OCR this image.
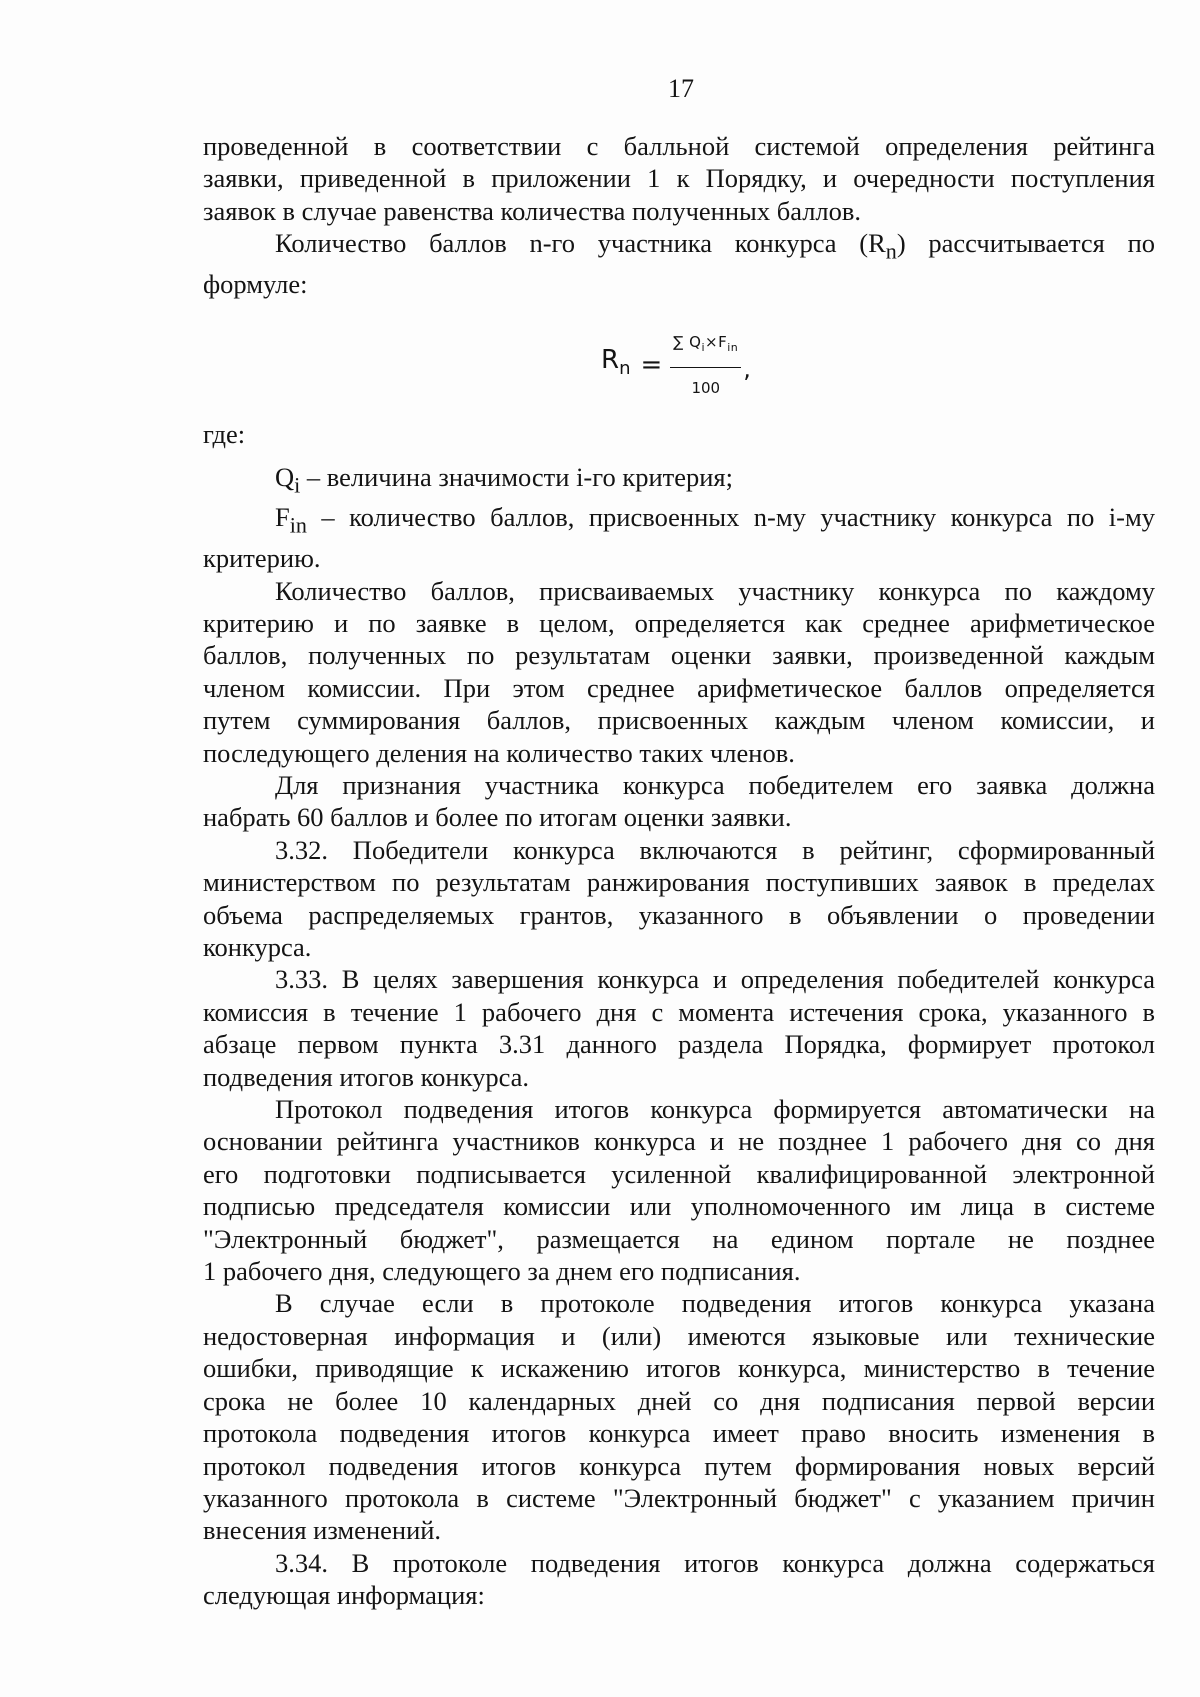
17

проведенной в соответствии с балльной системой определения рейтинга

заявки, приведенной в приложении 1 к Порядку, и очередности поступления

заявок в случае равенства количества полученных баллов.

Количество баллов n-го участника конкурса $(R_n)$ рассчитывается по

формуле:

$R_n = \frac{\sum Q_i\times F_{in}}{100}$ ,

где:

$Q_i$ – величина значимости i-го критерия;

$F_{in}$ – количество баллов, присвоенных n-му участнику конкурса по i-му

критерию.

Количество баллов, присваиваемых участнику конкурса по каждому

критерию и по заявке в целом, определяется как среднее арифметическое

баллов, полученных по результатам оценки заявки, произведенной каждым

членом комиссии. При этом среднее арифметическое баллов определяется

путем суммирования баллов, присвоенных каждым членом комиссии, и

последующего деления на количество таких членов.

Для признания участника конкурса победителем его заявка должна

набрать 60 баллов и более по итогам оценки заявки.

3.32. Победители конкурса включаются в рейтинг, сформированный

министерством по результатам ранжирования поступивших заявок в пределах

объема распределяемых грантов, указанного в объявлении о проведении

конкурса.

3.33. В целях завершения конкурса и определения победителей конкурса

комиссия в течение 1 рабочего дня с момента истечения срока, указанного в

абзаце первом пункта 3.31 данного раздела Порядка, формирует протокол

подведения итогов конкурса.

Протокол подведения итогов конкурса формируется автоматически на

основании рейтинга участников конкурса и не позднее 1 рабочего дня со дня

его подготовки подписывается усиленной квалифицированной электронной

подписью председателя комиссии или уполномоченного им лица в системе

"Электронный бюджет", размещается на едином портале не позднее

1 рабочего дня, следующего за днем его подписания.

В случае если в протоколе подведения итогов конкурса указана

недостоверная информация и (или) имеются языковые или технические

ошибки, приводящие к искажению итогов конкурса, министерство в течение

срока не более 10 календарных дней со дня подписания первой версии

протокола подведения итогов конкурса имеет право вносить изменения в

протокол подведения итогов конкурса путем формирования новых версий

указанного протокола в системе "Электронный бюджет" с указанием причин

внесения изменений.

3.34. В протоколе подведения итогов конкурса должна содержаться

следующая информация:
